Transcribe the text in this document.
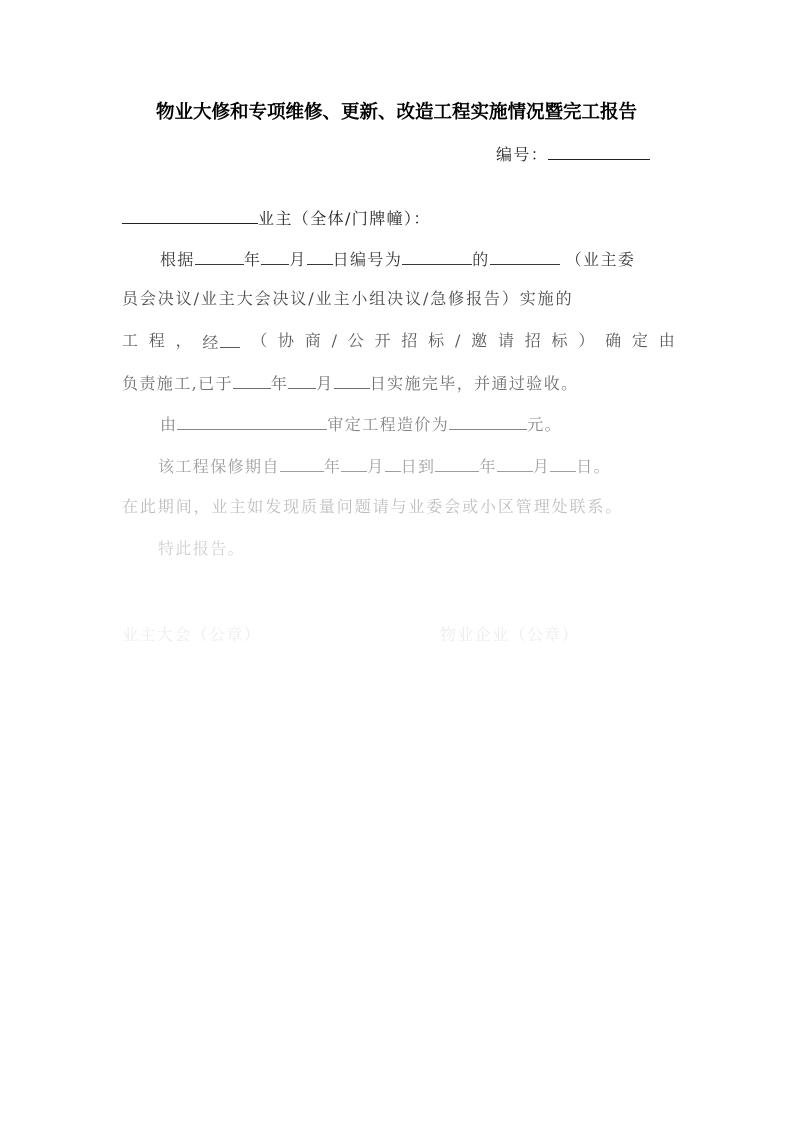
物业大修和专项维修、更新、改造工程实施情况暨完工报告
编号：
业主（全体/门牌幢）：
根据	年 月 日编号为	的	（业主委
员会决议/业主大会决议/业主小组决议/急修报告）实施的
工 程 ， 经	（ 协 商 / 公 开 招 标 / 邀 请 招 标 ） 确 定 由
负责施工,已于 年 月 日实施完毕，并通过验收。
由	审定工程造价为	元。
该工程保修期自	年 月 日到	年 月 日。
在此期间，业主如发现质量问题请与业委会或小区管理处联系。
特此报告。
业主大会（公章）	物业企业（公章）
